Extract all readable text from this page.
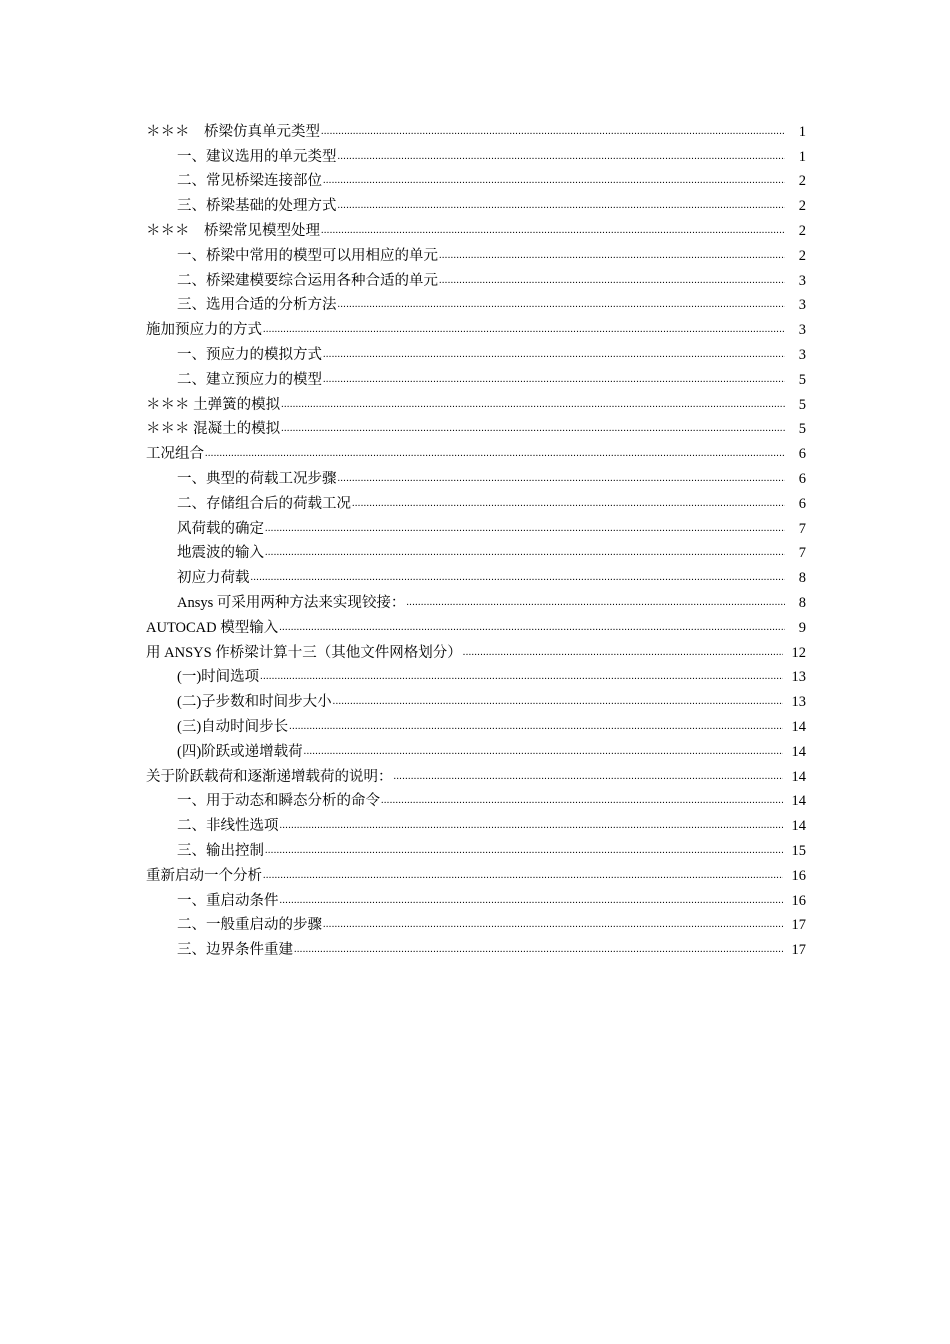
＊＊＊　桥梁仿真单元类型 .....	1
一、建议选用的单元类型 .....	1
二、常见桥梁连接部位 .....	2
三、桥梁基础的处理方式 .....	2
＊＊＊　桥梁常见模型处理 .....	2
一、桥梁中常用的模型可以用相应的单元 .....	2
二、桥梁建模要综合运用各种合适的单元 .....	3
三、选用合适的分析方法 .....	3
施加预应力的方式 .....	3
一、预应力的模拟方式 .....	3
二、建立预应力的模型 .....	5
＊＊＊ 土弹簧的模拟 .....	5
＊＊＊ 混凝土的模拟 .....	5
工况组合 .....	6
一、典型的荷载工况步骤 .....	6
二、存储组合后的荷载工况 .....	6
风荷载的确定 .....	7
地震波的输入 .....	7
初应力荷载 .....	8
Ansys 可采用两种方法来实现铰接： .....	8
AUTOCAD 模型输入 .....	9
用 ANSYS 作桥梁计算十三（其他文件网格划分） .....	12
(一)时间选项 .....	13
(二)子步数和时间步大小 .....	13
(三)自动时间步长 .....	14
(四)阶跃或递增载荷 .....	14
关于阶跃载荷和逐渐递增载荷的说明： .....	14
一、用于动态和瞬态分析的命令 .....	14
二、非线性选项 .....	14
三、输出控制 .....	15
重新启动一个分析 .....	16
一、重启动条件 .....	16
二、一般重启动的步骤 .....	17
三、边界条件重建 .....	17
